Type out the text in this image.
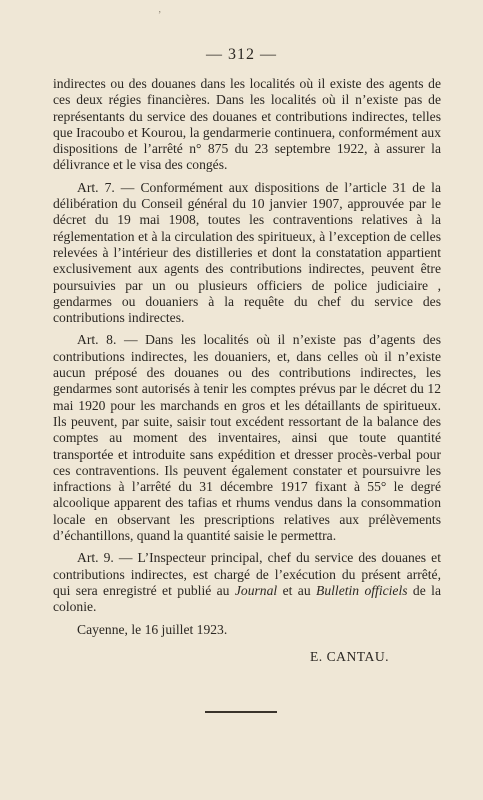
’
— 312 —

indirectes ou des douanes dans les localités où il existe des agents de ces deux régies financières. Dans les localités où il n’existe pas de représentants du service des douanes et contributions indirectes, telles que Iracoubo et Kourou, la gendarmerie continuera, conformément aux dispositions de l’arrêté n° 875 du 23 septembre 1922, à assurer la délivrance et le visa des congés.

Art. 7. — Conformément aux dispositions de l’article 31 de la délibération du Conseil général du 10 janvier 1907, approuvée par le décret du 19 mai 1908, toutes les contraventions relatives à la réglementation et à la circulation des spiritueux, à l’exception de celles relevées à l’intérieur des distilleries et dont la constatation appartient exclusivement aux agents des contributions indirectes, peuvent être poursuivies par un ou plusieurs officiers de police judiciaire , gendarmes ou douaniers à la requête du chef du service des contributions indirectes.

Art. 8. — Dans les localités où il n’existe pas d’agents des contributions indirectes, les douaniers, et, dans celles où il n’existe aucun préposé des douanes ou des contributions indirectes, les gendarmes sont autorisés à tenir les comptes prévus par le décret du 12 mai 1920 pour les marchands en gros et les détaillants de spiritueux. Ils peuvent, par suite, saisir tout excédent ressortant de la balance des comptes au moment des inventaires, ainsi que toute quantité transportée et introduite sans expédition et dresser procès-verbal pour ces contraventions. Ils peuvent également constater et poursuivre les infractions à l’arrêté du 31 décembre 1917 fixant à 55° le degré alcoolique apparent des tafias et rhums vendus dans la consommation locale en observant les prescriptions relatives aux prélèvements d’échantillons, quand la quantité saisie le permettra.

Art. 9. — L’Inspecteur principal, chef du service des douanes et contributions indirectes, est chargé de l’exécution du présent arrêté, qui sera enregistré et publié au Journal et au Bulletin officiels de la colonie.

Cayenne, le 16 juillet 1923.

E. CANTAU.
